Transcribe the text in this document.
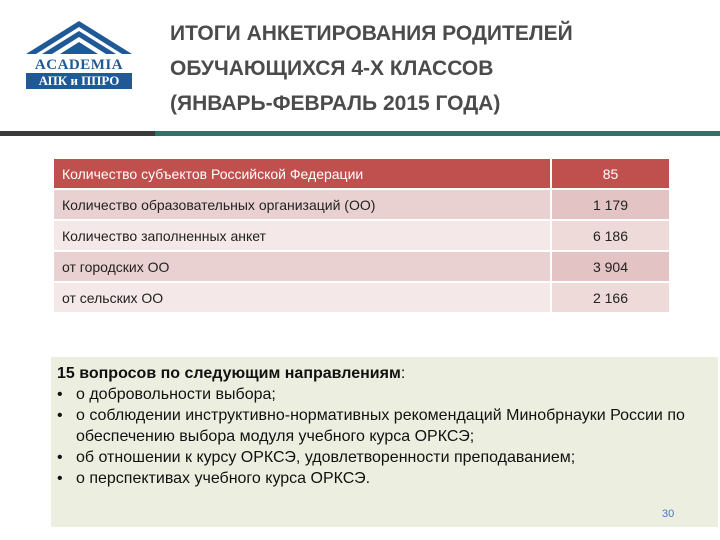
ACADEMIA
АПК и ППРО
ИТОГИ АНКЕТИРОВАНИЯ РОДИТЕЛЕЙ
ОБУЧАЮЩИХСЯ 4-Х КЛАССОВ
(ЯНВАРЬ-ФЕВРАЛЬ 2015 ГОДА)
Количество субъектов Российской Федерации	85
Количество образовательных организаций (ОО)	1 179
Количество заполненных анкет	6 186
от городских ОО	3 904
от сельских ОО	2 166
15 вопросов по следующим направлениям:
• о добровольности выбора;
• о соблюдении инструктивно-нормативных рекомендаций Минобрнауки России по обеспечению выбора модуля учебного курса ОРКСЭ;
• об отношении к курсу ОРКСЭ, удовлетворенности преподаванием;
• о перспективах учебного курса ОРКСЭ.
30
